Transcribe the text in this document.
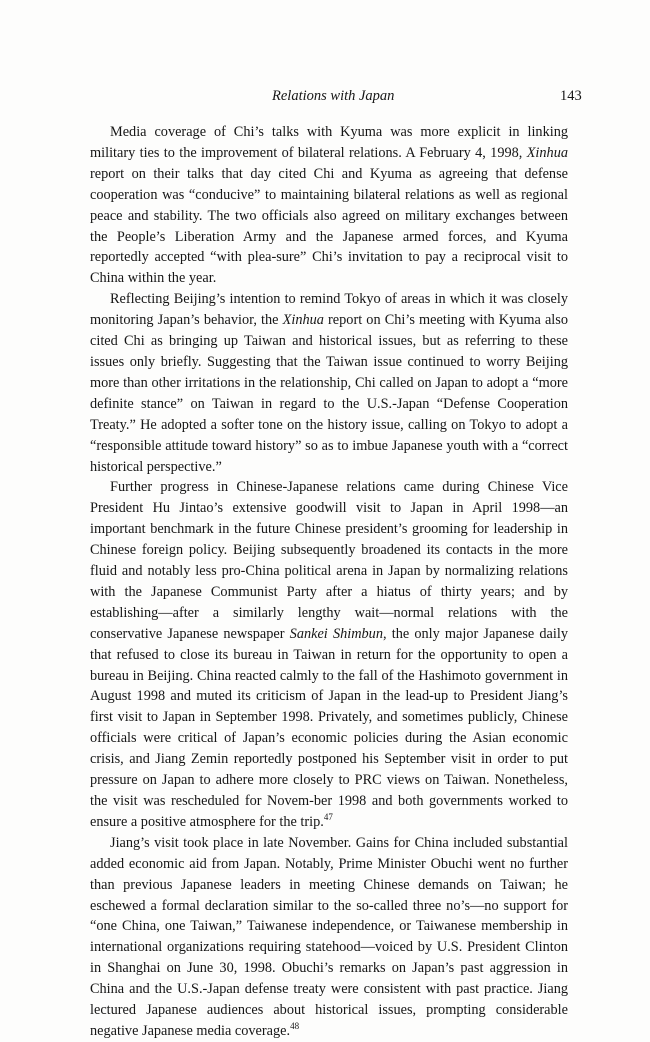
Relations with Japan	143

Media coverage of Chi’s talks with Kyuma was more explicit in linking military ties to the improvement of bilateral relations. A February 4, 1998, Xinhua report on their talks that day cited Chi and Kyuma as agreeing that defense cooperation was “conducive” to maintaining bilateral relations as well as regional peace and stability. The two officials also agreed on military exchanges between the People’s Liberation Army and the Japanese armed forces, and Kyuma reportedly accepted “with plea-sure” Chi’s invitation to pay a reciprocal visit to China within the year.

Reflecting Beijing’s intention to remind Tokyo of areas in which it was closely monitoring Japan’s behavior, the Xinhua report on Chi’s meeting with Kyuma also cited Chi as bringing up Taiwan and historical issues, but as referring to these issues only briefly. Suggesting that the Taiwan issue continued to worry Beijing more than other irritations in the relationship, Chi called on Japan to adopt a “more definite stance” on Taiwan in regard to the U.S.-Japan “Defense Cooperation Treaty.” He adopted a softer tone on the history issue, calling on Tokyo to adopt a “responsible attitude toward history” so as to imbue Japanese youth with a “correct historical perspective.”

Further progress in Chinese-Japanese relations came during Chinese Vice President Hu Jintao’s extensive goodwill visit to Japan in April 1998—an important benchmark in the future Chinese president’s grooming for leadership in Chinese foreign policy. Beijing subsequently broadened its contacts in the more fluid and notably less pro-China political arena in Japan by normalizing relations with the Japanese Communist Party after a hiatus of thirty years; and by establishing—after a similarly lengthy wait—normal relations with the conservative Japanese newspaper Sankei Shimbun, the only major Japanese daily that refused to close its bureau in Taiwan in return for the opportunity to open a bureau in Beijing. China reacted calmly to the fall of the Hashimoto government in August 1998 and muted its criticism of Japan in the lead-up to President Jiang’s first visit to Japan in September 1998. Privately, and sometimes publicly, Chinese officials were critical of Japan’s economic policies during the Asian economic crisis, and Jiang Zemin reportedly postponed his September visit in order to put pressure on Japan to adhere more closely to PRC views on Taiwan. Nonetheless, the visit was rescheduled for Novem-ber 1998 and both governments worked to ensure a positive atmosphere for the trip.$^{47}$

Jiang’s visit took place in late November. Gains for China included substantial added economic aid from Japan. Notably, Prime Minister Obuchi went no further than previous Japanese leaders in meeting Chinese demands on Taiwan; he eschewed a formal declaration similar to the so-called three no’s—no support for “one China, one Taiwan,” Taiwanese independence, or Taiwanese membership in international organizations requiring statehood—voiced by U.S. President Clinton in Shanghai on June 30, 1998. Obuchi’s remarks on Japan’s past aggression in China and the U.S.-Japan defense treaty were consistent with past practice. Jiang lectured Japanese audiences about historical issues, prompting considerable negative Japanese media coverage.$^{48}$
